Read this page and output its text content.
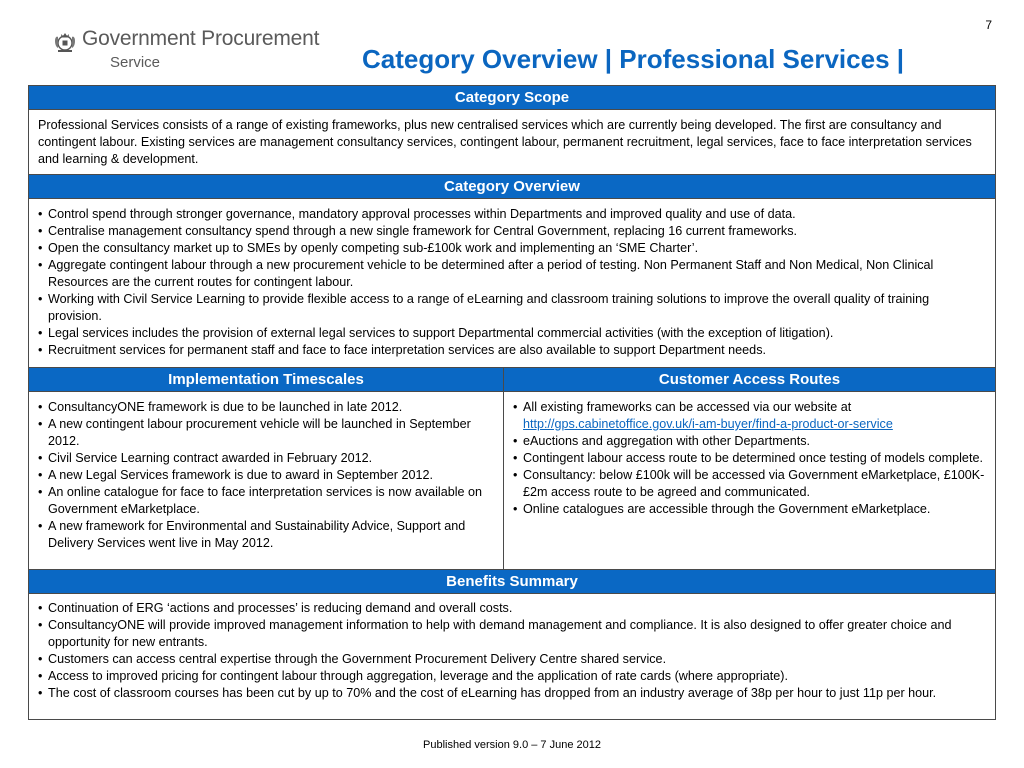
7
Government Procurement
Service	Category Overview | Professional Services |
Category Scope
Professional Services consists of a range of existing frameworks, plus new centralised services which are currently being developed. The first are consultancy and contingent labour. Existing services are management consultancy services, contingent labour, permanent recruitment, legal services, face to face interpretation services and learning & development.
Category Overview
• Control spend through stronger governance, mandatory approval processes within Departments and improved quality and use of data.
• Centralise management consultancy spend through a new single framework for Central Government, replacing 16 current frameworks.
• Open the consultancy market up to SMEs by openly competing sub-£100k work and implementing an ‘SME Charter’.
• Aggregate contingent labour through a new procurement vehicle to be determined after a period of testing. Non Permanent Staff and Non Medical, Non Clinical Resources are the current routes for contingent labour.
• Working with Civil Service Learning to provide flexible access to a range of eLearning and classroom training solutions to improve the overall quality of training provision.
• Legal services includes the provision of external legal services to support Departmental commercial activities (with the exception of litigation).
• Recruitment services for permanent staff and face to face interpretation services are also available to support Department needs.
Implementation Timescales
• ConsultancyONE framework is due to be launched in late 2012.
• A new contingent labour procurement vehicle will be launched in September 2012.
• Civil Service Learning contract awarded in February 2012.
• A new Legal Services framework is due to award in September 2012.
• An online catalogue for face to face interpretation services is now available on Government eMarketplace.
• A new framework for Environmental and Sustainability Advice, Support and Delivery Services went live in May 2012.
Customer Access Routes
• All existing frameworks can be accessed via our website at
http://gps.cabinetoffice.gov.uk/i-am-buyer/find-a-product-or-service
• eAuctions and aggregation with other Departments.
• Contingent labour access route to be determined once testing of models complete.
• Consultancy: below £100k will be accessed via Government eMarketplace, £100K-£2m access route to be agreed and communicated.
• Online catalogues are accessible through the Government eMarketplace.
Benefits Summary
• Continuation of ERG ‘actions and processes’ is reducing demand and overall costs.
• ConsultancyONE will provide improved management information to help with demand management and compliance. It is also designed to offer greater choice and opportunity for new entrants.
• Customers can access central expertise through the Government Procurement Delivery Centre shared service.
• Access to improved pricing for contingent labour through aggregation, leverage and the application of rate cards (where appropriate).
• The cost of classroom courses has been cut by up to 70% and the cost of eLearning has dropped from an industry average of 38p per hour to just 11p per hour.
Published version 9.0 – 7 June 2012
